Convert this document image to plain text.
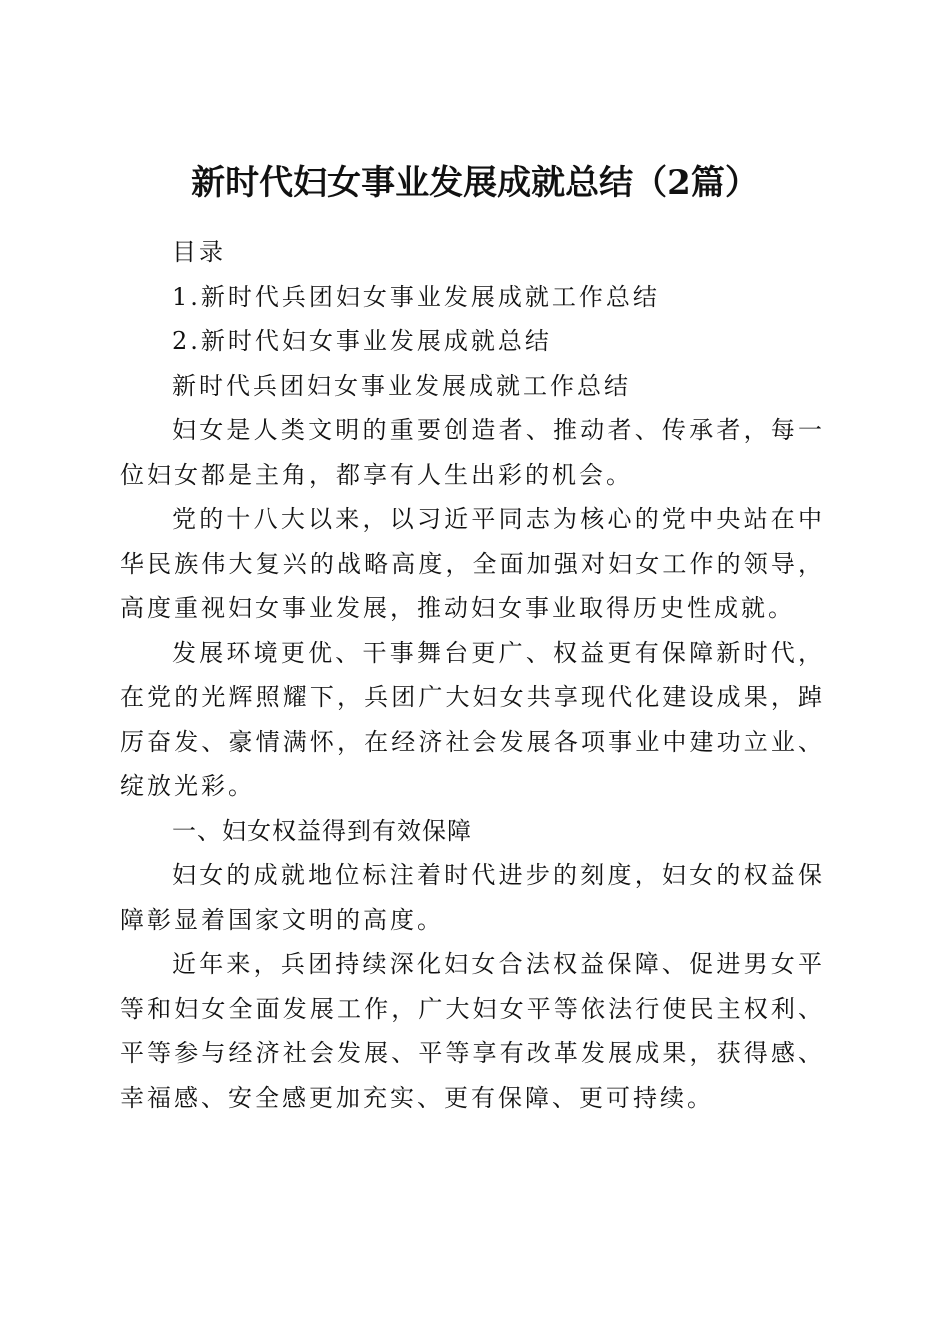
新时代妇女事业发展成就总结（2篇）

目录

1.新时代兵团妇女事业发展成就工作总结

2.新时代妇女事业发展成就总结

新时代兵团妇女事业发展成就工作总结

妇女是人类文明的重要创造者、推动者、传承者，每一位妇女都是主角，都享有人生出彩的机会。

党的十八大以来，以习近平同志为核心的党中央站在中华民族伟大复兴的战略高度，全面加强对妇女工作的领导，高度重视妇女事业发展，推动妇女事业取得历史性成就。

发展环境更优、干事舞台更广、权益更有保障新时代，在党的光辉照耀下，兵团广大妇女共享现代化建设成果，踔厉奋发、豪情满怀，在经济社会发展各项事业中建功立业、绽放光彩。

一、妇女权益得到有效保障

妇女的成就地位标注着时代进步的刻度，妇女的权益保障彰显着国家文明的高度。

近年来，兵团持续深化妇女合法权益保障、促进男女平等和妇女全面发展工作，广大妇女平等依法行使民主权利、平等参与经济社会发展、平等享有改革发展成果，获得感、幸福感、安全感更加充实、更有保障、更可持续。
